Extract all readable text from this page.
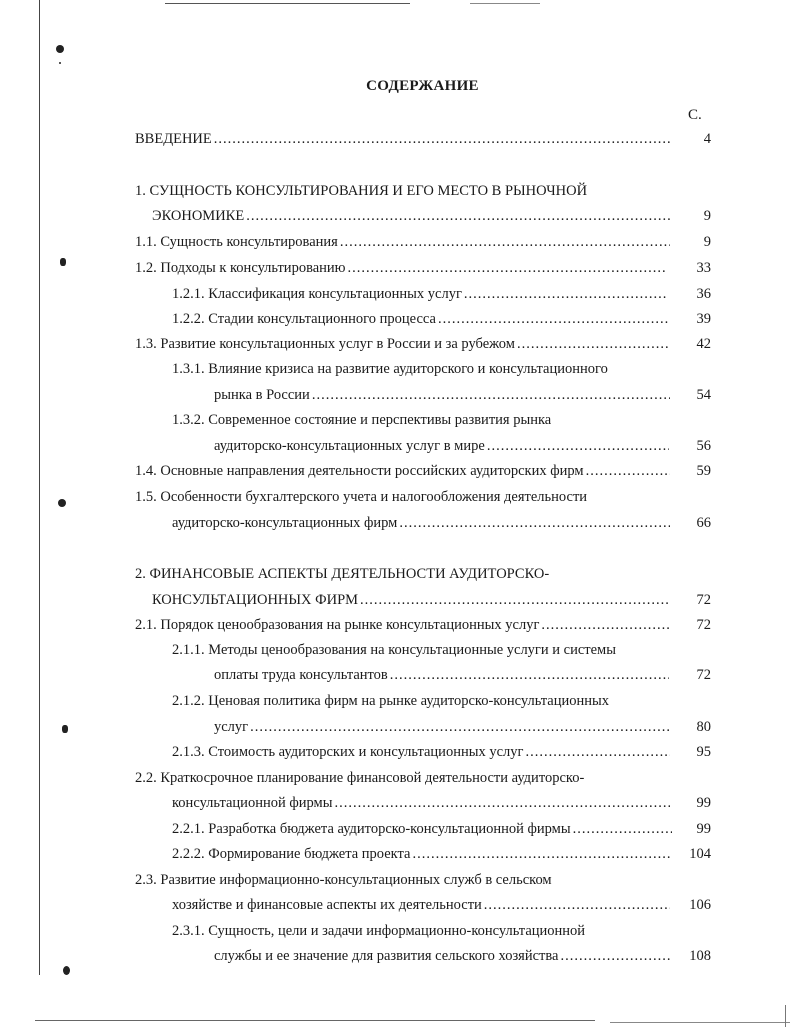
СОДЕРЖАНИЕ
С.
ВВЕДЕНИЕ .....	4
1. СУЩНОСТЬ КОНСУЛЬТИРОВАНИЯ И ЕГО МЕСТО В РЫНОЧНОЙ
ЭКОНОМИКЕ .....	9
1.1. Сущность консультирования .....	9
1.2. Подходы к консультированию .....	33
1.2.1. Классификация консультационных услуг .....	36
1.2.2. Стадии консультационного процесса .....	39
1.3. Развитие консультационных услуг в России и за рубежом .....	42
1.3.1. Влияние кризиса на развитие аудиторского и консультационного
рынка в России .....	54
1.3.2. Современное состояние и перспективы развития рынка
аудиторско-консультационных услуг в мире .....	56
1.4. Основные направления деятельности российских аудиторских фирм .....	59
1.5. Особенности бухгалтерского учета и налогообложения деятельности
аудиторско-консультационных фирм .....	66
2. ФИНАНСОВЫЕ АСПЕКТЫ ДЕЯТЕЛЬНОСТИ АУДИТОРСКО-
КОНСУЛЬТАЦИОННЫХ ФИРМ .....	72
2.1. Порядок ценообразования на рынке консультационных услуг .....	72
2.1.1. Методы ценообразования на консультационные услуги и системы
оплаты труда консультантов .....	72
2.1.2. Ценовая политика фирм на рынке аудиторско-консультационных
услуг .....	80
2.1.3. Стоимость аудиторских и консультационных услуг .....	95
2.2. Краткосрочное планирование финансовой деятельности аудиторско-
консультационной фирмы .....	99
2.2.1. Разработка бюджета аудиторско-консультационной фирмы .....	99
2.2.2. Формирование бюджета проекта .....	104
2.3. Развитие информационно-консультационных служб в сельском
хозяйстве и финансовые аспекты их деятельности .....	106
2.3.1. Сущность, цели и задачи информационно-консультационной
службы и ее значение для развития сельского хозяйства .....	108
